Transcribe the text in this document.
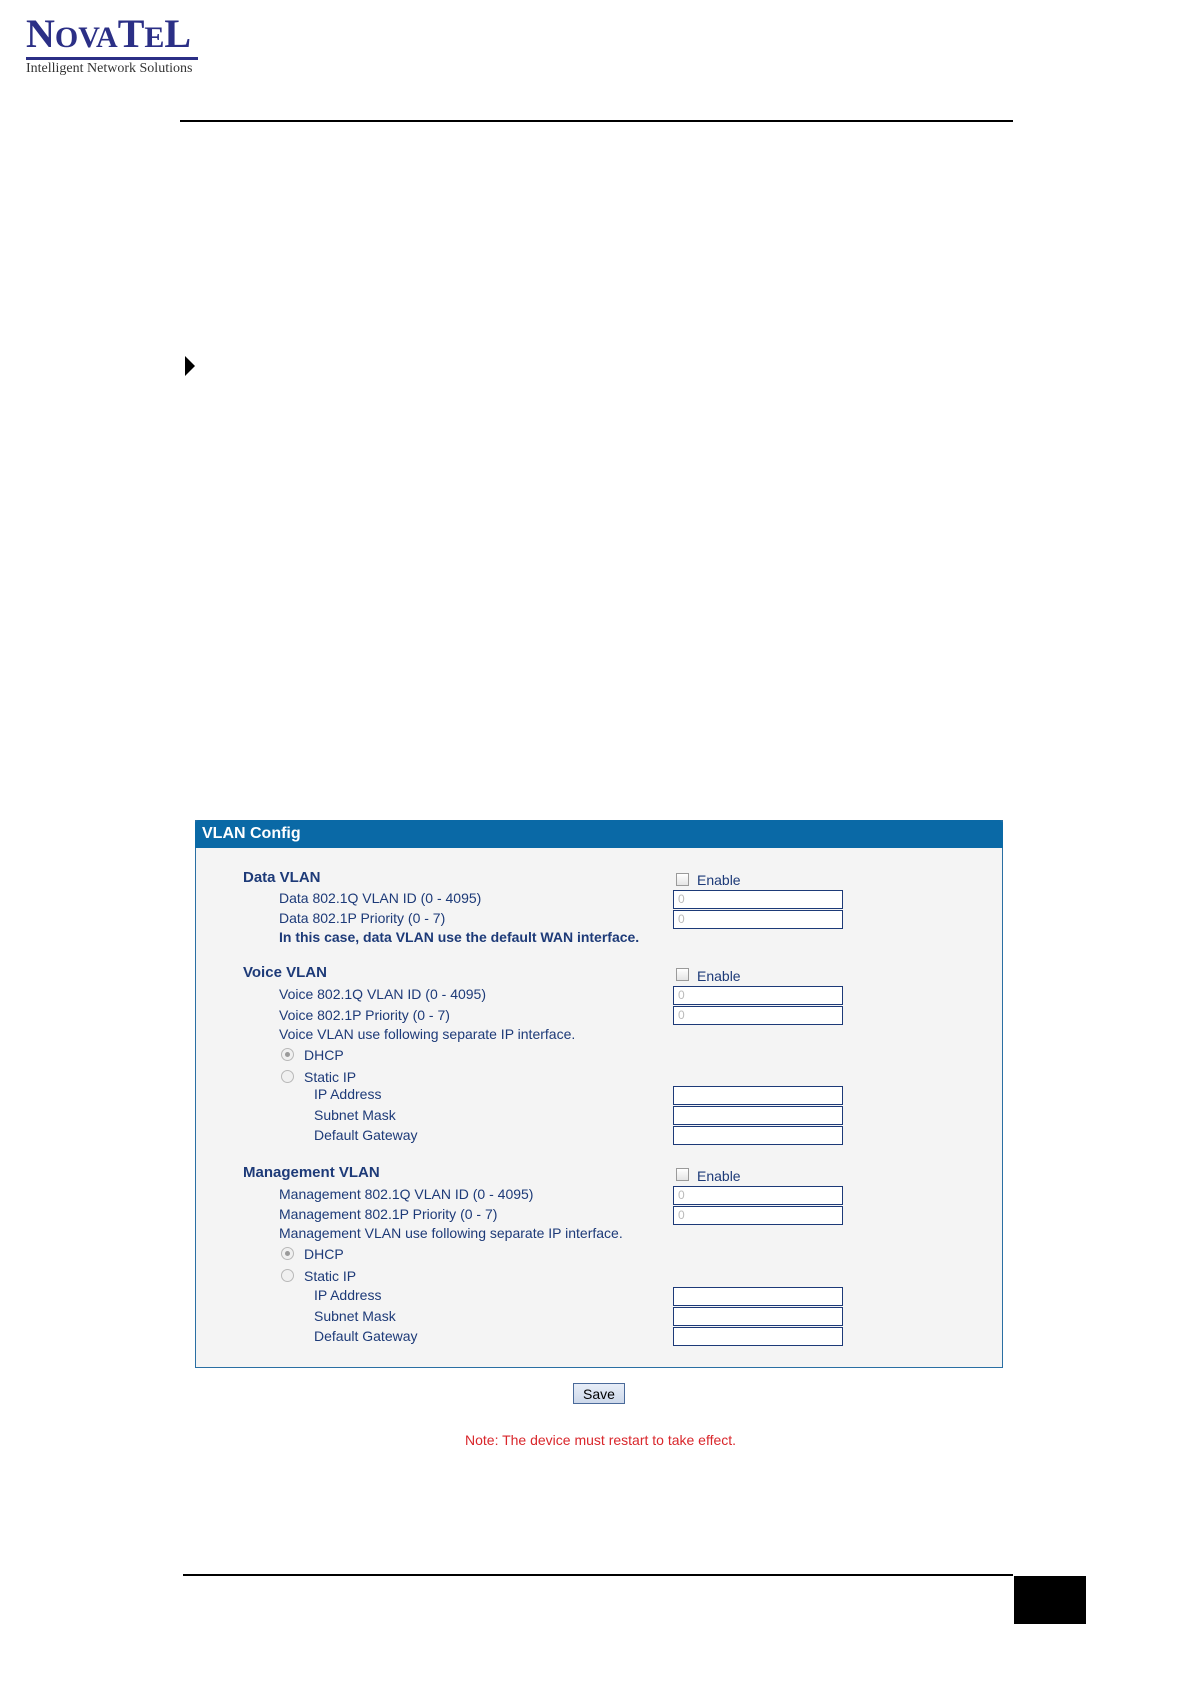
NOVATEL
Intelligent Network Solutions
VLAN Config
Data VLAN	Enable
Data 802.1Q VLAN ID (0 - 4095)	0
Data 802.1P Priority (0 - 7)	0
In this case, data VLAN use the default WAN interface.
Voice VLAN	Enable
Voice 802.1Q VLAN ID (0 - 4095)	0
Voice 802.1P Priority (0 - 7)	0
Voice VLAN use following separate IP interface.
DHCP
Static IP
IP Address
Subnet Mask
Default Gateway
Management VLAN	Enable
Management 802.1Q VLAN ID (0 - 4095)	0
Management 802.1P Priority (0 - 7)	0
Management VLAN use following separate IP interface.
DHCP
Static IP
IP Address
Subnet Mask
Default Gateway
Save
Note: The device must restart to take effect.
